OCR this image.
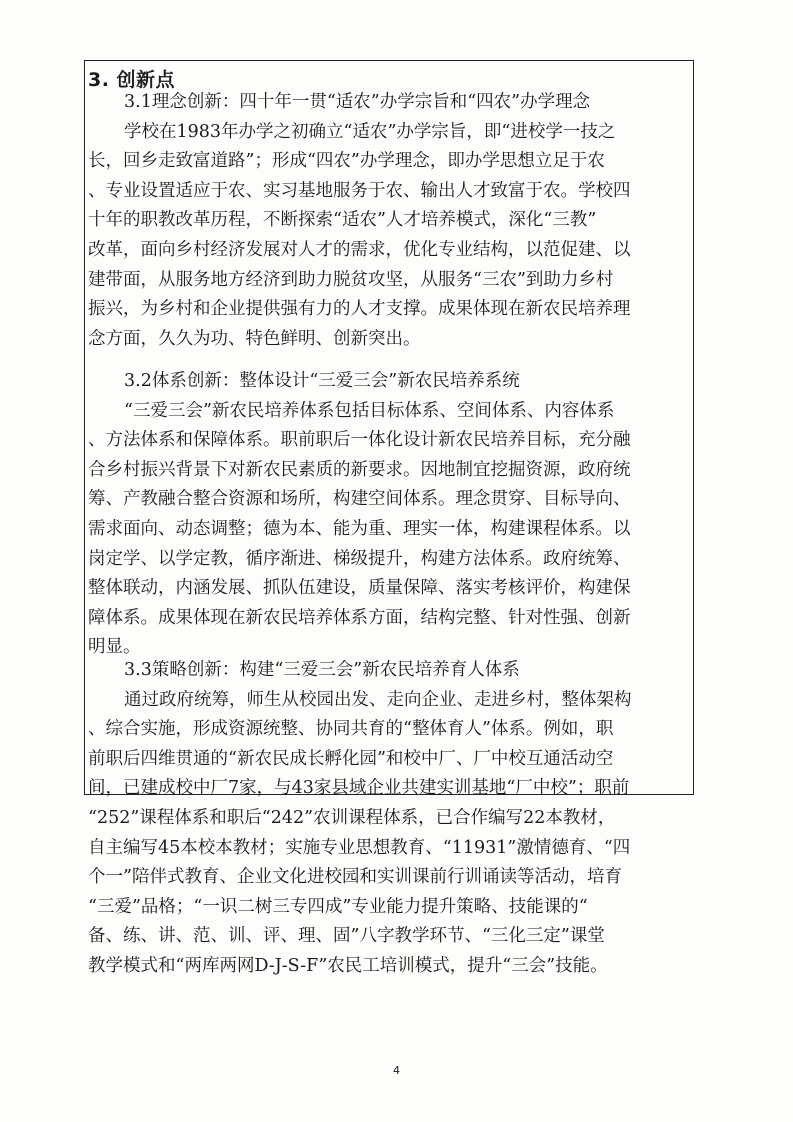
3. 创新点
3.1理念创新：四十年一贯“适农”办学宗旨和“四农”办学理念
学校在1983年办学之初确立“适农”办学宗旨，即“进校学一技之
长，回乡走致富道路”；形成“四农”办学理念，即办学思想立足于农
、专业设置适应于农、实习基地服务于农、输出人才致富于农。学校四
十年的职教改革历程，不断探索“适农”人才培养模式，深化“三教”
改革，面向乡村经济发展对人才的需求，优化专业结构，以范促建、以
建带面，从服务地方经济到助力脱贫攻坚，从服务“三农”到助力乡村
振兴，为乡村和企业提供强有力的人才支撑。成果体现在新农民培养理
念方面，久久为功、特色鲜明、创新突出。
3.2体系创新：整体设计“三爱三会”新农民培养系统
“三爱三会”新农民培养体系包括目标体系、空间体系、内容体系
、方法体系和保障体系。职前职后一体化设计新农民培养目标，充分融
合乡村振兴背景下对新农民素质的新要求。因地制宜挖掘资源，政府统
筹、产教融合整合资源和场所，构建空间体系。理念贯穿、目标导向、
需求面向、动态调整；德为本、能为重、理实一体，构建课程体系。以
岗定学、以学定教，循序渐进、梯级提升，构建方法体系。政府统筹、
整体联动，内涵发展、抓队伍建设，质量保障、落实考核评价，构建保
障体系。成果体现在新农民培养体系方面，结构完整、针对性强、创新
明显。
3.3策略创新：构建“三爱三会”新农民培养育人体系
通过政府统筹，师生从校园出发、走向企业、走进乡村，整体架构
、综合实施，形成资源统整、协同共育的“整体育人”体系。例如，职
前职后四维贯通的“新农民成长孵化园”和校中厂、厂中校互通活动空
间，已建成校中厂7家，与43家县域企业共建实训基地“厂中校”；职前
“252”课程体系和职后“242”农训课程体系，已合作编写22本教材，
自主编写45本校本教材；实施专业思想教育、“11931”激情德育、“四
个一”陪伴式教育、企业文化进校园和实训课前行训诵读等活动，培育
“三爱”品格；“一识二树三专四成”专业能力提升策略、技能课的“
备、练、讲、范、训、评、理、固”八字教学环节、“三化三定”课堂
教学模式和“两库两网D-J-S-F”农民工培训模式，提升“三会”技能。
4
